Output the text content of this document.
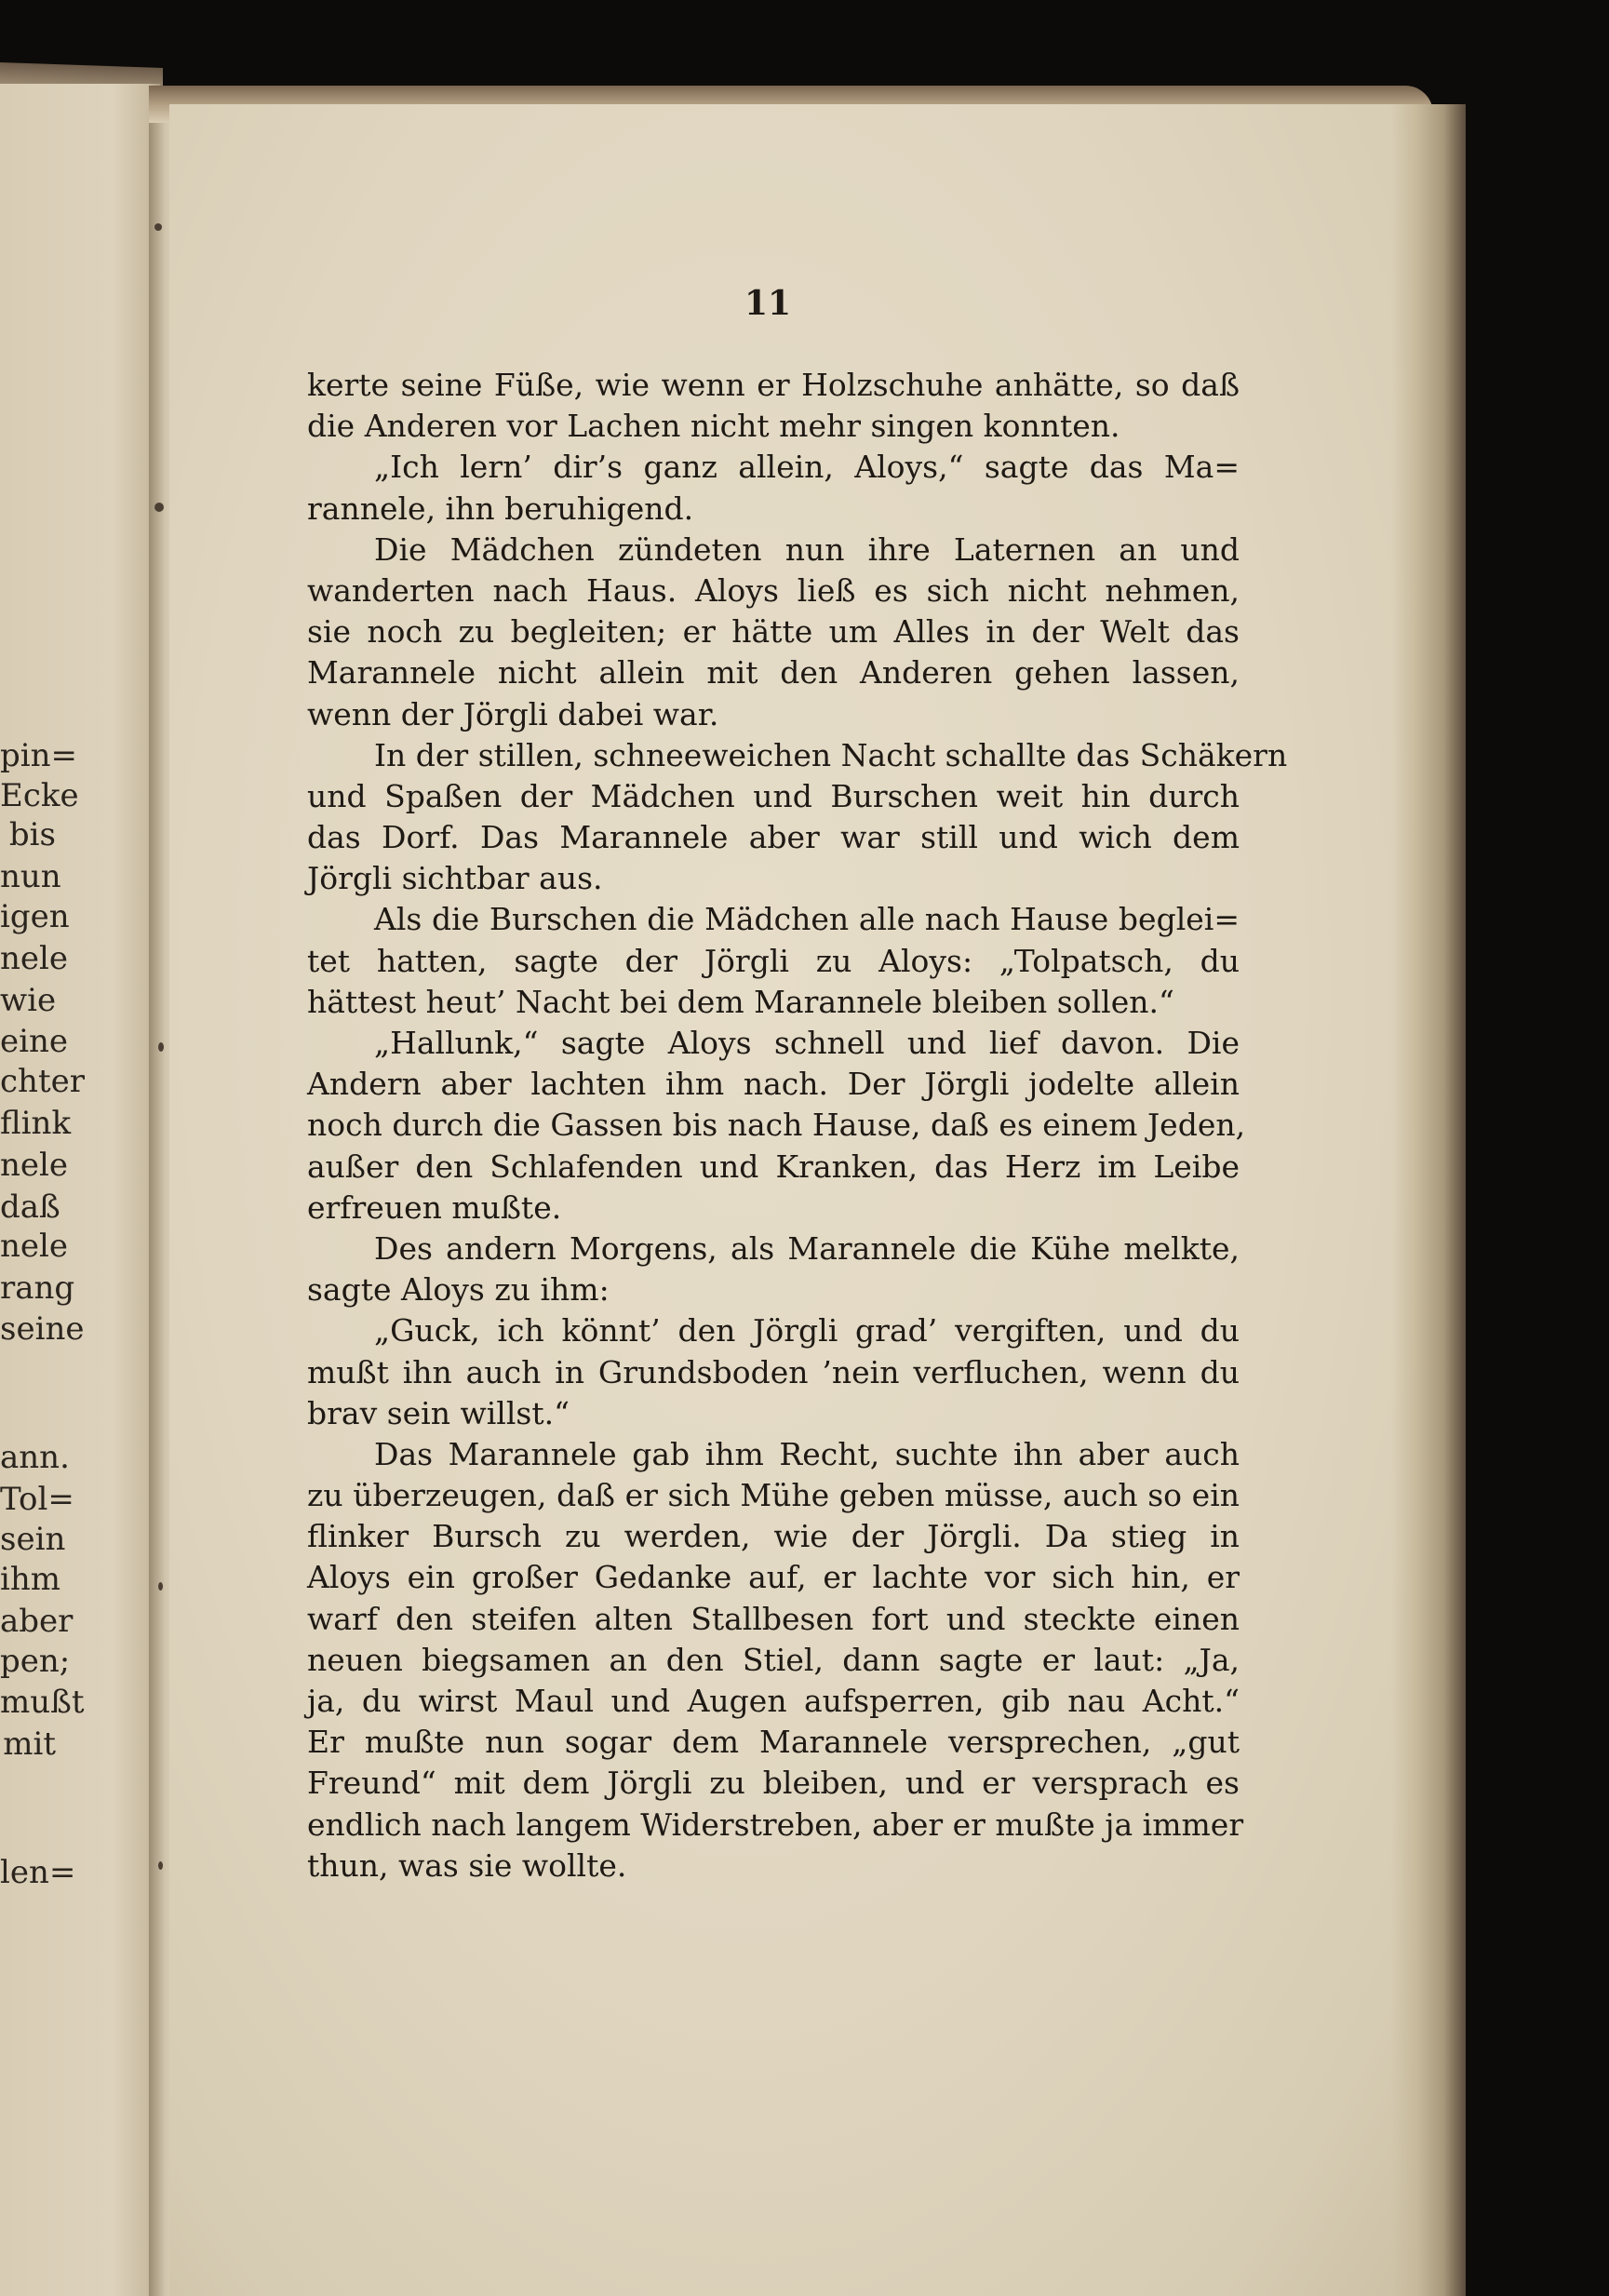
pin=
Ecke
bis
nun
igen
nele
wie
eine
chter
flink
nele
daß
nele
rang
seine
ann.
Tol=
sein
ihm
aber
pen;
mußt
mit
len=
11
kerte seine Füße, wie wenn er Holzschuhe anhätte, so daß
die Anderen vor Lachen nicht mehr singen konnten.
„Ich lern’ dir’s ganz allein, Aloys,“ sagte das Ma=
rannele, ihn beruhigend.
Die Mädchen zündeten nun ihre Laternen an und
wanderten nach Haus. Aloys ließ es sich nicht nehmen,
sie noch zu begleiten; er hätte um Alles in der Welt das
Marannele nicht allein mit den Anderen gehen lassen,
wenn der Jörgli dabei war.
In der stillen, schneeweichen Nacht schallte das Schäkern
und Spaßen der Mädchen und Burschen weit hin durch
das Dorf. Das Marannele aber war still und wich dem
Jörgli sichtbar aus.
Als die Burschen die Mädchen alle nach Hause beglei=
tet hatten, sagte der Jörgli zu Aloys: „Tolpatsch, du
hättest heut’ Nacht bei dem Marannele bleiben sollen.“
„Hallunk,“ sagte Aloys schnell und lief davon. Die
Andern aber lachten ihm nach. Der Jörgli jodelte allein
noch durch die Gassen bis nach Hause, daß es einem Jeden,
außer den Schlafenden und Kranken, das Herz im Leibe
erfreuen mußte.
Des andern Morgens, als Marannele die Kühe melkte,
sagte Aloys zu ihm:
„Guck, ich könnt’ den Jörgli grad’ vergiften, und du
mußt ihn auch in Grundsboden ’nein verfluchen, wenn du
brav sein willst.“
Das Marannele gab ihm Recht, suchte ihn aber auch
zu überzeugen, daß er sich Mühe geben müsse, auch so ein
flinker Bursch zu werden, wie der Jörgli. Da stieg in
Aloys ein großer Gedanke auf, er lachte vor sich hin, er
warf den steifen alten Stallbesen fort und steckte einen
neuen biegsamen an den Stiel, dann sagte er laut: „Ja,
ja, du wirst Maul und Augen aufsperren, gib nau Acht.“
Er mußte nun sogar dem Marannele versprechen, „gut
Freund“ mit dem Jörgli zu bleiben, und er versprach es
endlich nach langem Widerstreben, aber er mußte ja immer
thun, was sie wollte.
